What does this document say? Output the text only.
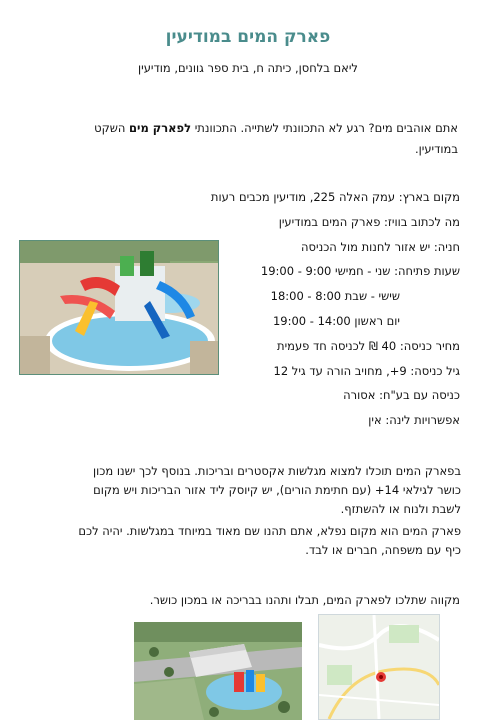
פארק המים במודיעין

ליאם בלחסן, כיתה ח, בית ספר גוונים, מודיעין

אתם אוהבים מים? רגע לא התכוונתי לשתייה. התכוונתי לפארק מים השקט במודיעין.

מקום בארץ: עמק האלה 225, מודיעין מכבים רעות
מה לכתוב בוויז: פארק המים במודיעין
חניה: יש אזור לחנות מול הכניסה
שעות פתיחה: שני - חמישי 9:00 - 19:00
שישי - שבת 8:00 - 18:00
יום ראשון 14:00 - 19:00
מחיר כניסה: 40 ₪ לכניסה חד פעמית
גיל כניסה: 9+, מחויב הורה עד גיל 12
כניסה עם בע"ח: אסורה
אפשרויות לינה: אין

בפארק המים תוכלו למצוא מגלשות אקסטרים ובריכות. בנוסף לכך ישנו מכון כושר לגילאי 14+ (עם חתימת הורים), יש קיוסק ליד אזור הבריכות ויש מקום לשבת ולנוח או להשתזף.

פארק המים הוא מקום נפלא, אתם תהנו שם מאוד במיוחד במגלשות. יהיה לכם כיף עם משפחה, חברים או לבד.

מקווה שתלכו לפארק המים, תבלו ותהנו בבריכה או במכון כושר.
